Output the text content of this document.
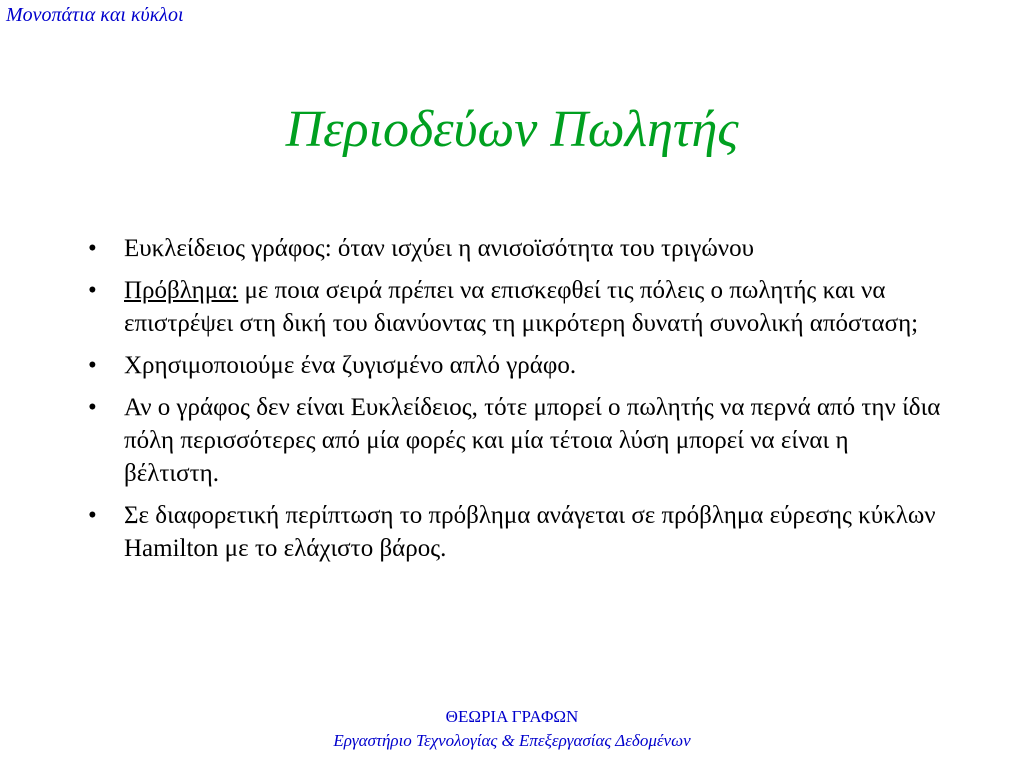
Μονοπάτια και κύκλοι
Περιοδεύων Πωλητής
•	Ευκλείδειος γράφος: όταν ισχύει η ανισοϊσότητα του τριγώνου
•	Πρόβλημα: με ποια σειρά πρέπει να επισκεφθεί τις πόλεις ο πωλητής και να επιστρέψει στη δική του διανύοντας τη μικρότερη δυνατή συνολική απόσταση;
•	Χρησιμοποιούμε ένα ζυγισμένο απλό γράφο.
•	Αν ο γράφος δεν είναι Ευκλείδειος, τότε μπορεί ο πωλητής να περνά από την ίδια πόλη περισσότερες από μία φορές και μία τέτοια λύση μπορεί να είναι η βέλτιστη.
•	Σε διαφορετική περίπτωση το πρόβλημα ανάγεται σε πρόβλημα εύρεσης κύκλων Hamilton με το ελάχιστο βάρος.
ΘΕΩΡΙΑ ΓΡΑΦΩΝ
Εργαστήριο Τεχνολογίας & Επεξεργασίας Δεδομένων
